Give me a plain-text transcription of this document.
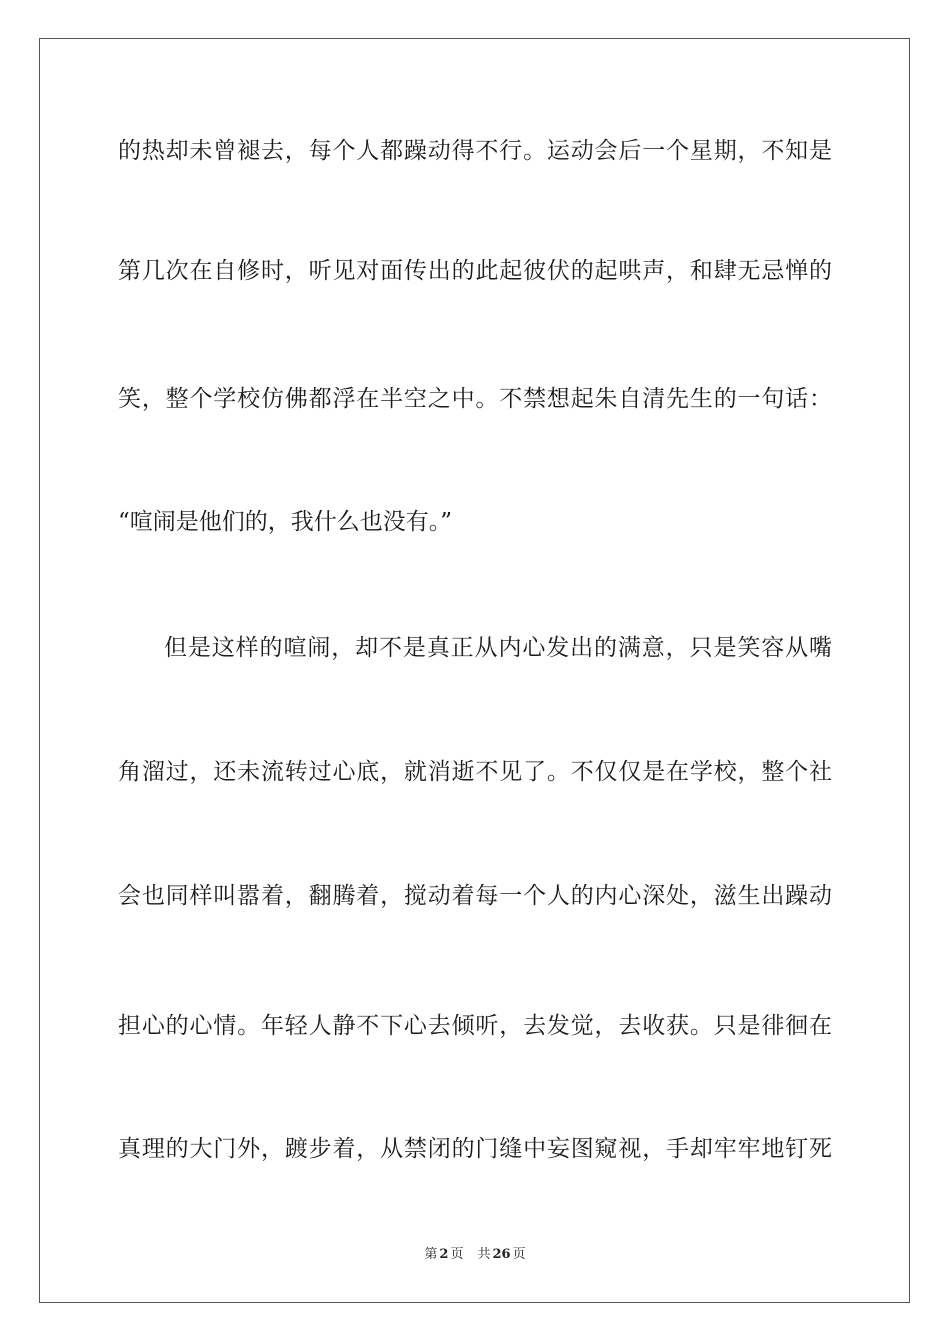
的热却未曾褪去，每个人都躁动得不行。运动会后一个星期，不知是
第几次在自修时，听见对面传出的此起彼伏的起哄声，和肆无忌惮的
笑，整个学校仿佛都浮在半空之中。不禁想起朱自清先生的一句话：
“喧闹是他们的，我什么也没有。”
但是这样的喧闹，却不是真正从内心发出的满意，只是笑容从嘴
角溜过，还未流转过心底，就消逝不见了。不仅仅是在学校，整个社
会也同样叫嚣着，翻腾着，搅动着每一个人的内心深处，滋生出躁动
担心的心情。年轻人静不下心去倾听，去发觉，去收获。只是徘徊在
真理的大门外，踱步着，从禁闭的门缝中妄图窥视，手却牢牢地钉死
第 2 页 共 26 页
